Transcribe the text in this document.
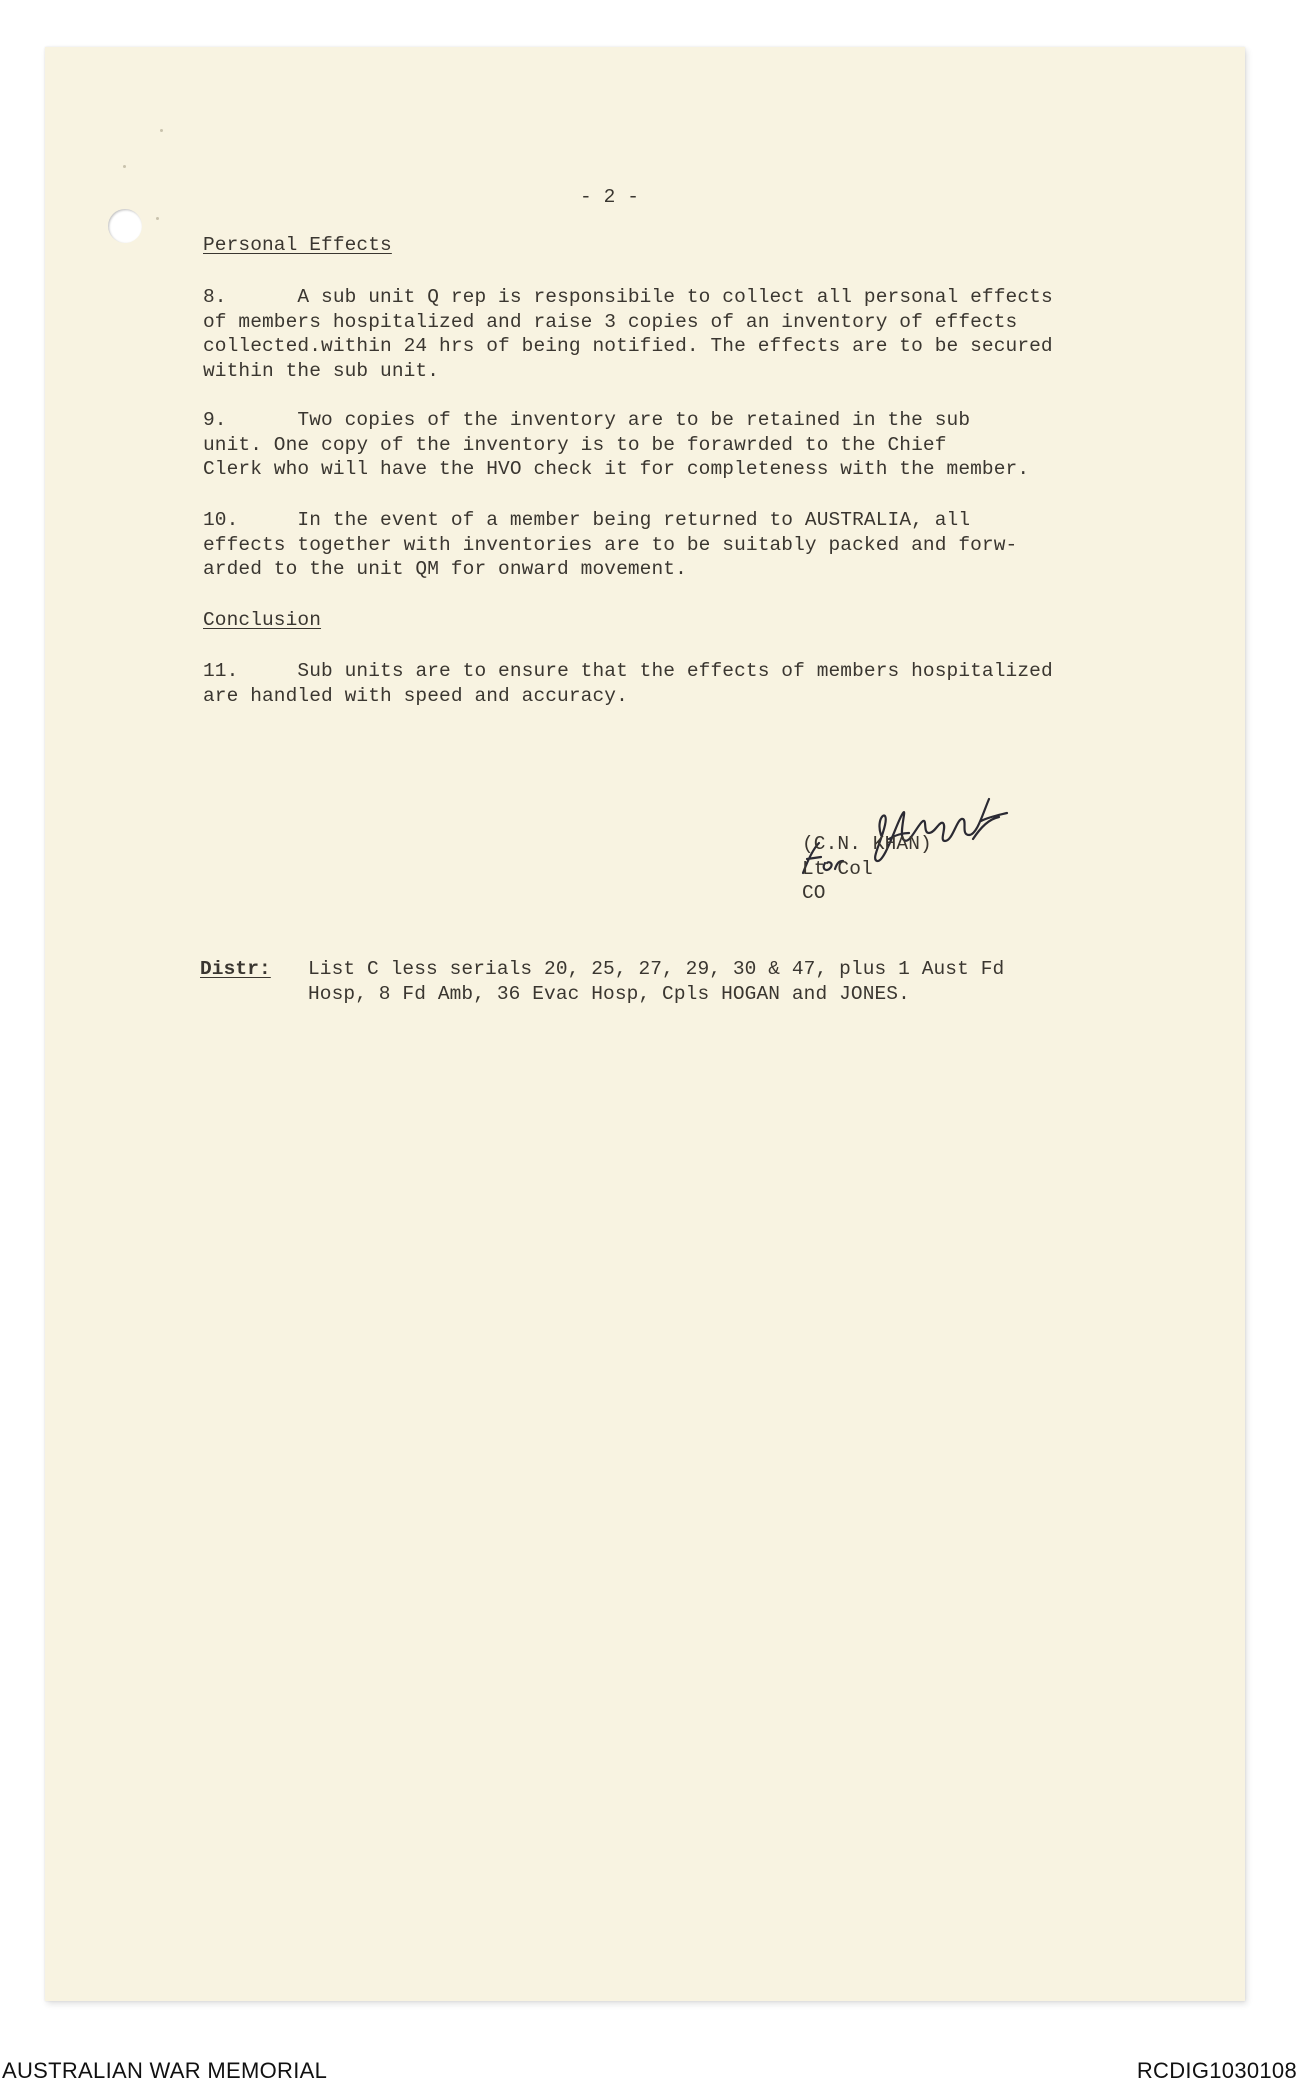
- 2 -
Personal Effects
8.	A sub unit Q rep is responsibile to collect all personal effects
of members hospitalized and raise 3 copies of an inventory of effects
collected.within 24 hrs of being notified. The effects are to be secured
within the sub unit.
9.	Two copies of the inventory are to be retained in the sub
unit. One copy of the inventory is to be forawrded to the Chief
Clerk who will have the HVO check it for completeness with the member.
10.	In the event of a member being returned to AUSTRALIA, all
effects together with inventories are to be suitably packed and forw-
arded to the unit QM for onward movement.
Conclusion
11.	Sub units are to ensure that the effects of members hospitalized
are handled with speed and accuracy.
(C.N. KHAN)
Lt Col
CO
Distr: List C less serials 20, 25, 27, 29, 30 & 47, plus 1 Aust Fd
Hosp, 8 Fd Amb, 36 Evac Hosp, Cpls HOGAN and JONES.
AUSTRALIAN WAR MEMORIAL	RCDIG1030108
